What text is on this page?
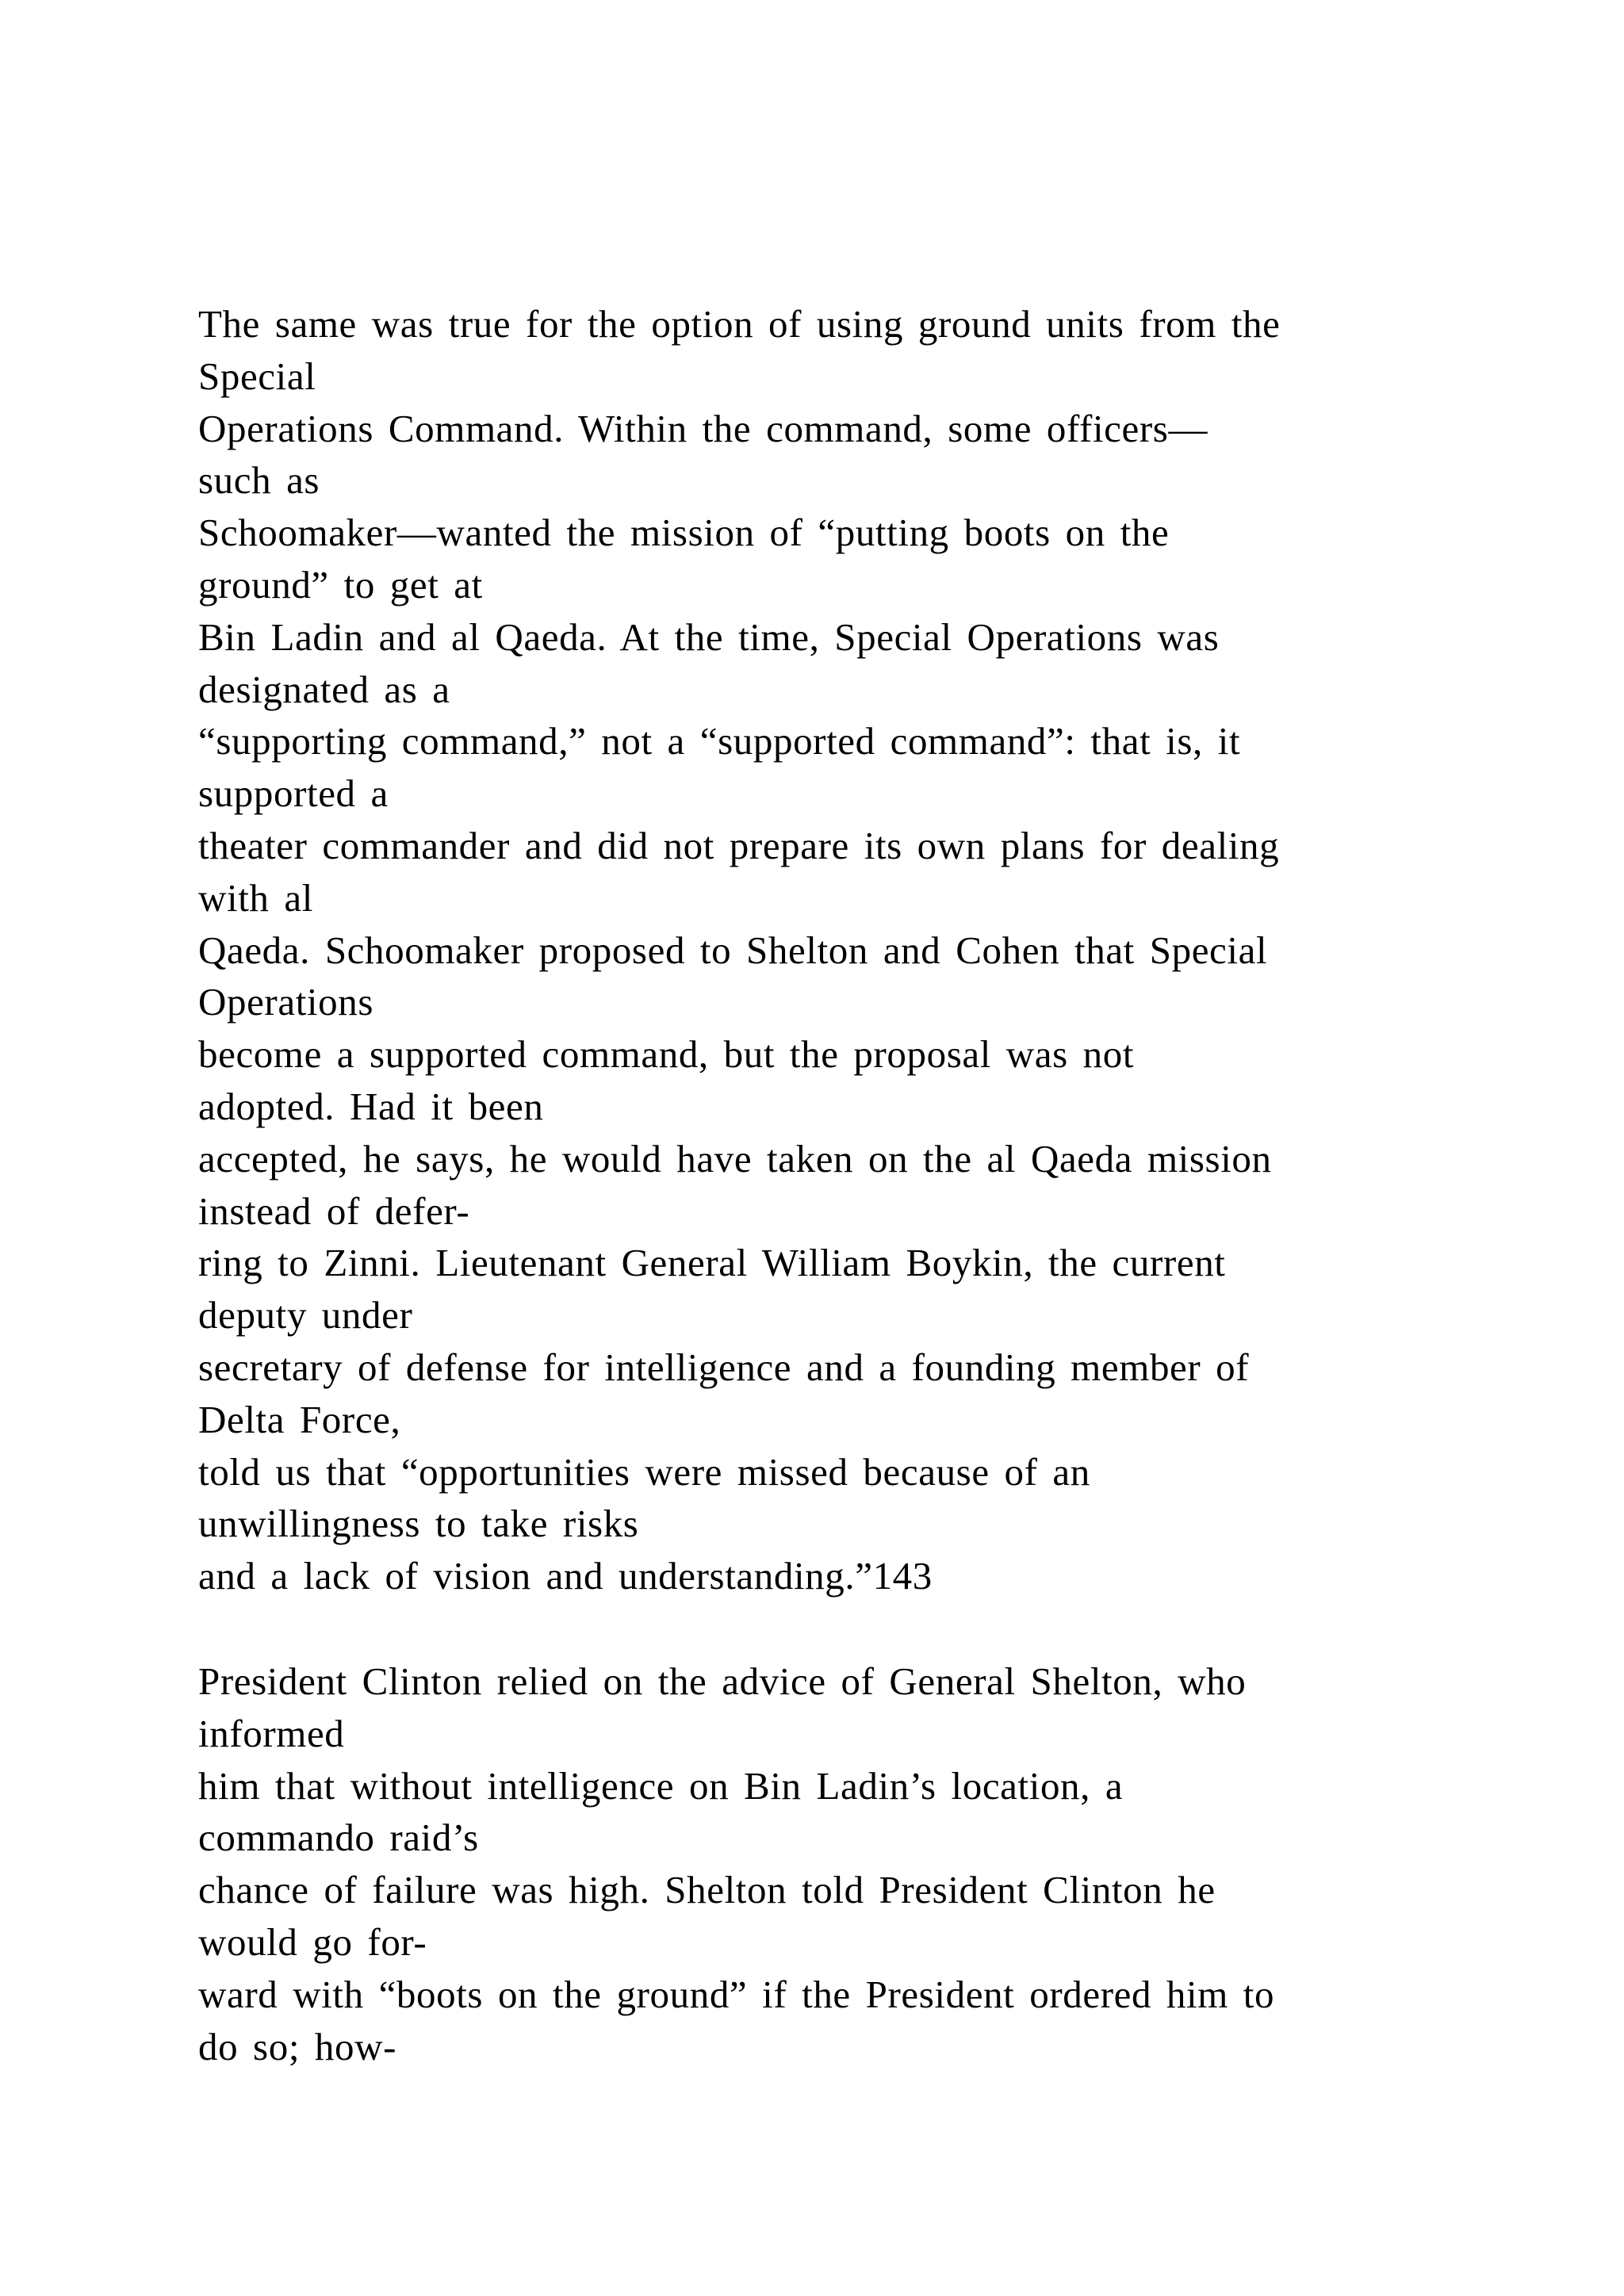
The same was true for the option of using ground units from the
Special
Operations Command. Within the command, some officers—
such as
Schoomaker—wanted the mission of “putting boots on the
ground” to get at
Bin Ladin and al Qaeda. At the time, Special Operations was
designated as a
“supporting command,” not a “supported command”: that is, it
supported a
theater commander and did not prepare its own plans for dealing
with al
Qaeda. Schoomaker proposed to Shelton and Cohen that Special
Operations
become a supported command, but the proposal was not
adopted. Had it been
accepted, he says, he would have taken on the al Qaeda mission
instead of defer-
ring to Zinni. Lieutenant General William Boykin, the current
deputy under
secretary of defense for intelligence and a founding member of
Delta Force,
told us that “opportunities were missed because of an
unwillingness to take risks
and a lack of vision and understanding.”143
President Clinton relied on the advice of General Shelton, who
informed
him that without intelligence on Bin Ladin’s location, a
commando raid’s
chance of failure was high. Shelton told President Clinton he
would go for-
ward with “boots on the ground” if the President ordered him to
do so; how-
